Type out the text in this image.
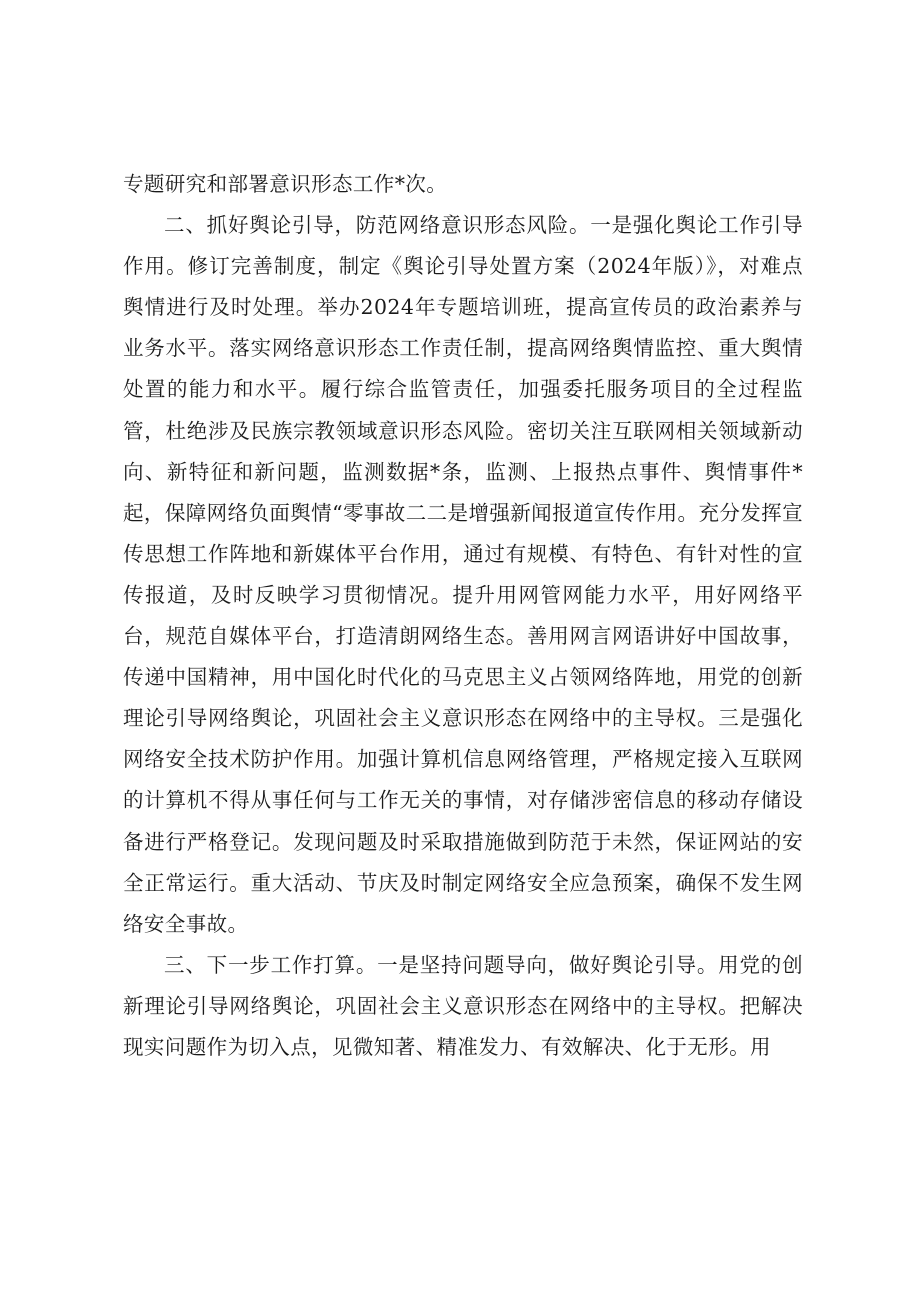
专题研究和部署意识形态工作*次。

二、抓好舆论引导，防范网络意识形态风险。一是强化舆论工作引导作用。修订完善制度，制定《舆论引导处置方案（2024年版）》，对难点舆情进行及时处理。举办2024年专题培训班，提高宣传员的政治素养与业务水平。落实网络意识形态工作责任制，提高网络舆情监控、重大舆情处置的能力和水平。履行综合监管责任，加强委托服务项目的全过程监管，杜绝涉及民族宗教领域意识形态风险。密切关注互联网相关领域新动向、新特征和新问题，监测数据*条，监测、上报热点事件、舆情事件*起，保障网络负面舆情“零事故二二是增强新闻报道宣传作用。充分发挥宣传思想工作阵地和新媒体平台作用，通过有规模、有特色、有针对性的宣传报道，及时反映学习贯彻情况。提升用网管网能力水平，用好网络平台，规范自媒体平台，打造清朗网络生态。善用网言网语讲好中国故事，传递中国精神，用中国化时代化的马克思主义占领网络阵地，用党的创新理论引导网络舆论，巩固社会主义意识形态在网络中的主导权。三是强化网络安全技术防护作用。加强计算机信息网络管理，严格规定接入互联网的计算机不得从事任何与工作无关的事情，对存储涉密信息的移动存储设备进行严格登记。发现问题及时采取措施做到防范于未然，保证网站的安全正常运行。重大活动、节庆及时制定网络安全应急预案，确保不发生网络安全事故。

三、下一步工作打算。一是坚持问题导向，做好舆论引导。用党的创新理论引导网络舆论，巩固社会主义意识形态在网络中的主导权。把解决现实问题作为切入点，见微知著、精准发力、有效解决、化于无形。用
